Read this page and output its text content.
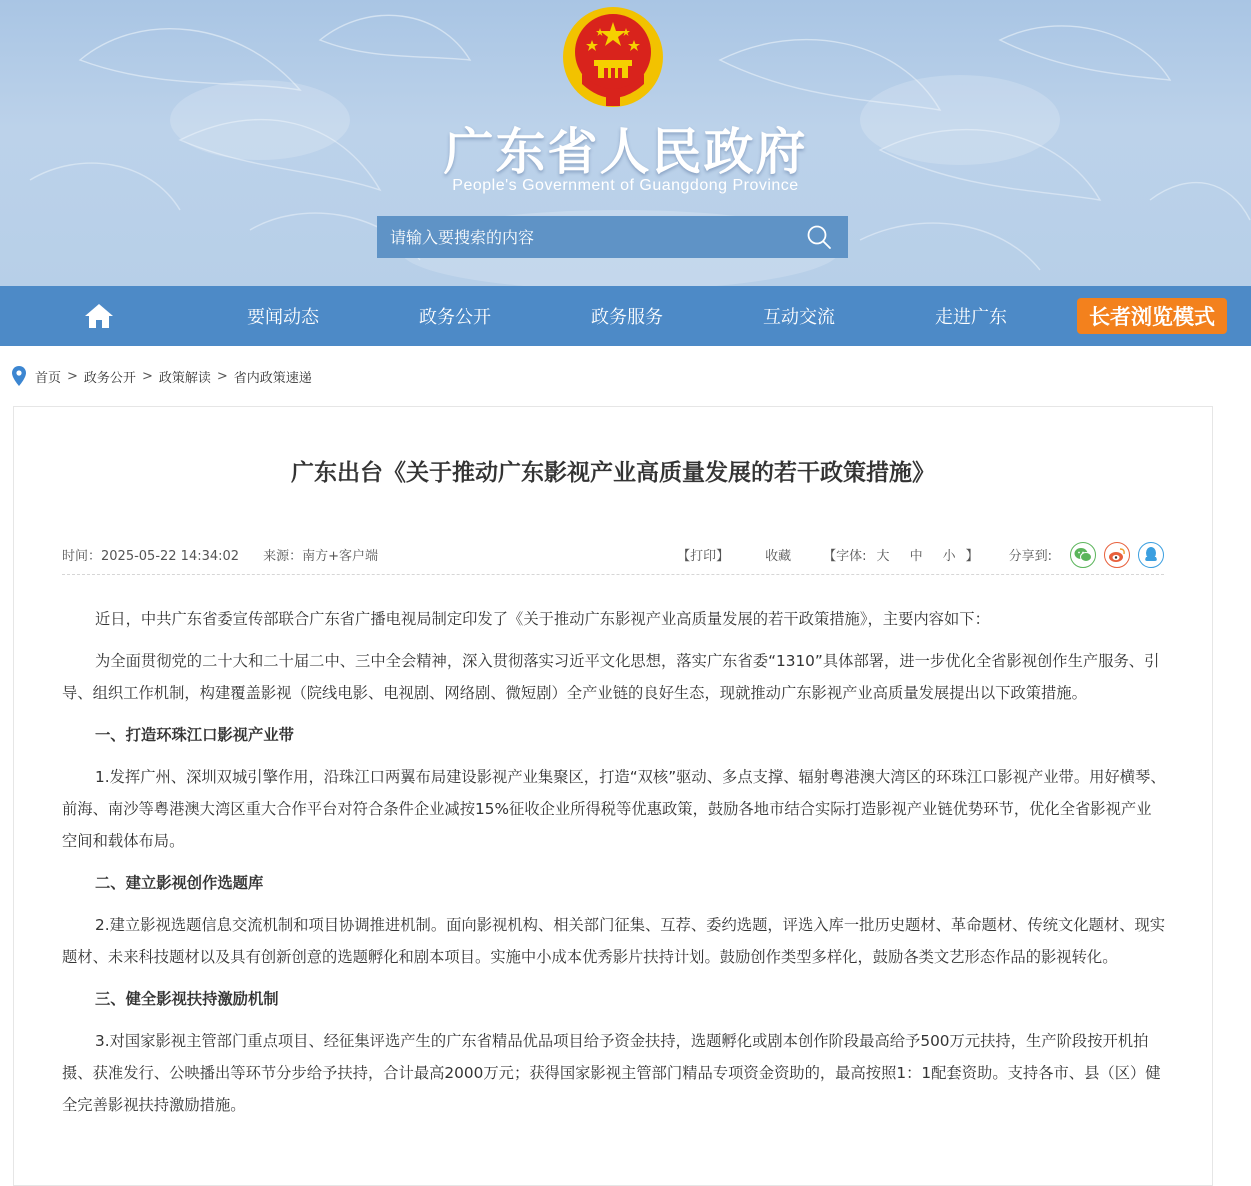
广东省人民政府
People's Government of Guangdong Province
请输入要搜索的内容
要闻动态	政务公开	政务服务	互动交流	走进广东	长者浏览模式
首页 > 政务公开 > 政策解读 > 省内政策速递
广东出台《关于推动广东影视产业高质量发展的若干政策措施》
时间：2025-05-22 14:34:02 来源：南方+客户端	【打印】	收藏 【字体: 大 中 小 】 分享到:

近日，中共广东省委宣传部联合广东省广播电视局制定印发了《关于推动广东影视产业高质量发展的若干政策措施》，主要内容如下：

为全面贯彻党的二十大和二十届二中、三中全会精神，深入贯彻落实习近平文化思想，落实广东省委“1310”具体部署，进一步优化全省影视创作生产服务、引导、组织工作机制，构建覆盖影视（院线电影、电视剧、网络剧、微短剧）全产业链的良好生态，现就推动广东影视产业高质量发展提出以下政策措施。

一、打造环珠江口影视产业带

1.发挥广州、深圳双城引擎作用，沿珠江口两翼布局建设影视产业集聚区，打造“双核”驱动、多点支撑、辐射粤港澳大湾区的环珠江口影视产业带。用好横琴、前海、南沙等粤港澳大湾区重大合作平台对符合条件企业减按15%征收企业所得税等优惠政策，鼓励各地市结合实际打造影视产业链优势环节，优化全省影视产业空间和载体布局。

二、建立影视创作选题库

2.建立影视选题信息交流机制和项目协调推进机制。面向影视机构、相关部门征集、互荐、委约选题，评选入库一批历史题材、革命题材、传统文化题材、现实题材、未来科技题材以及具有创新创意的选题孵化和剧本项目。实施中小成本优秀影片扶持计划。鼓励创作类型多样化，鼓励各类文艺形态作品的影视转化。

三、健全影视扶持激励机制

3.对国家影视主管部门重点项目、经征集评选产生的广东省精品优品项目给予资金扶持，选题孵化或剧本创作阶段最高给予500万元扶持，生产阶段按开机拍摄、获准发行、公映播出等环节分步给予扶持，合计最高2000万元；获得国家影视主管部门精品专项资金资助的，最高按照1：1配套资助。支持各市、县（区）健全完善影视扶持激励措施。
